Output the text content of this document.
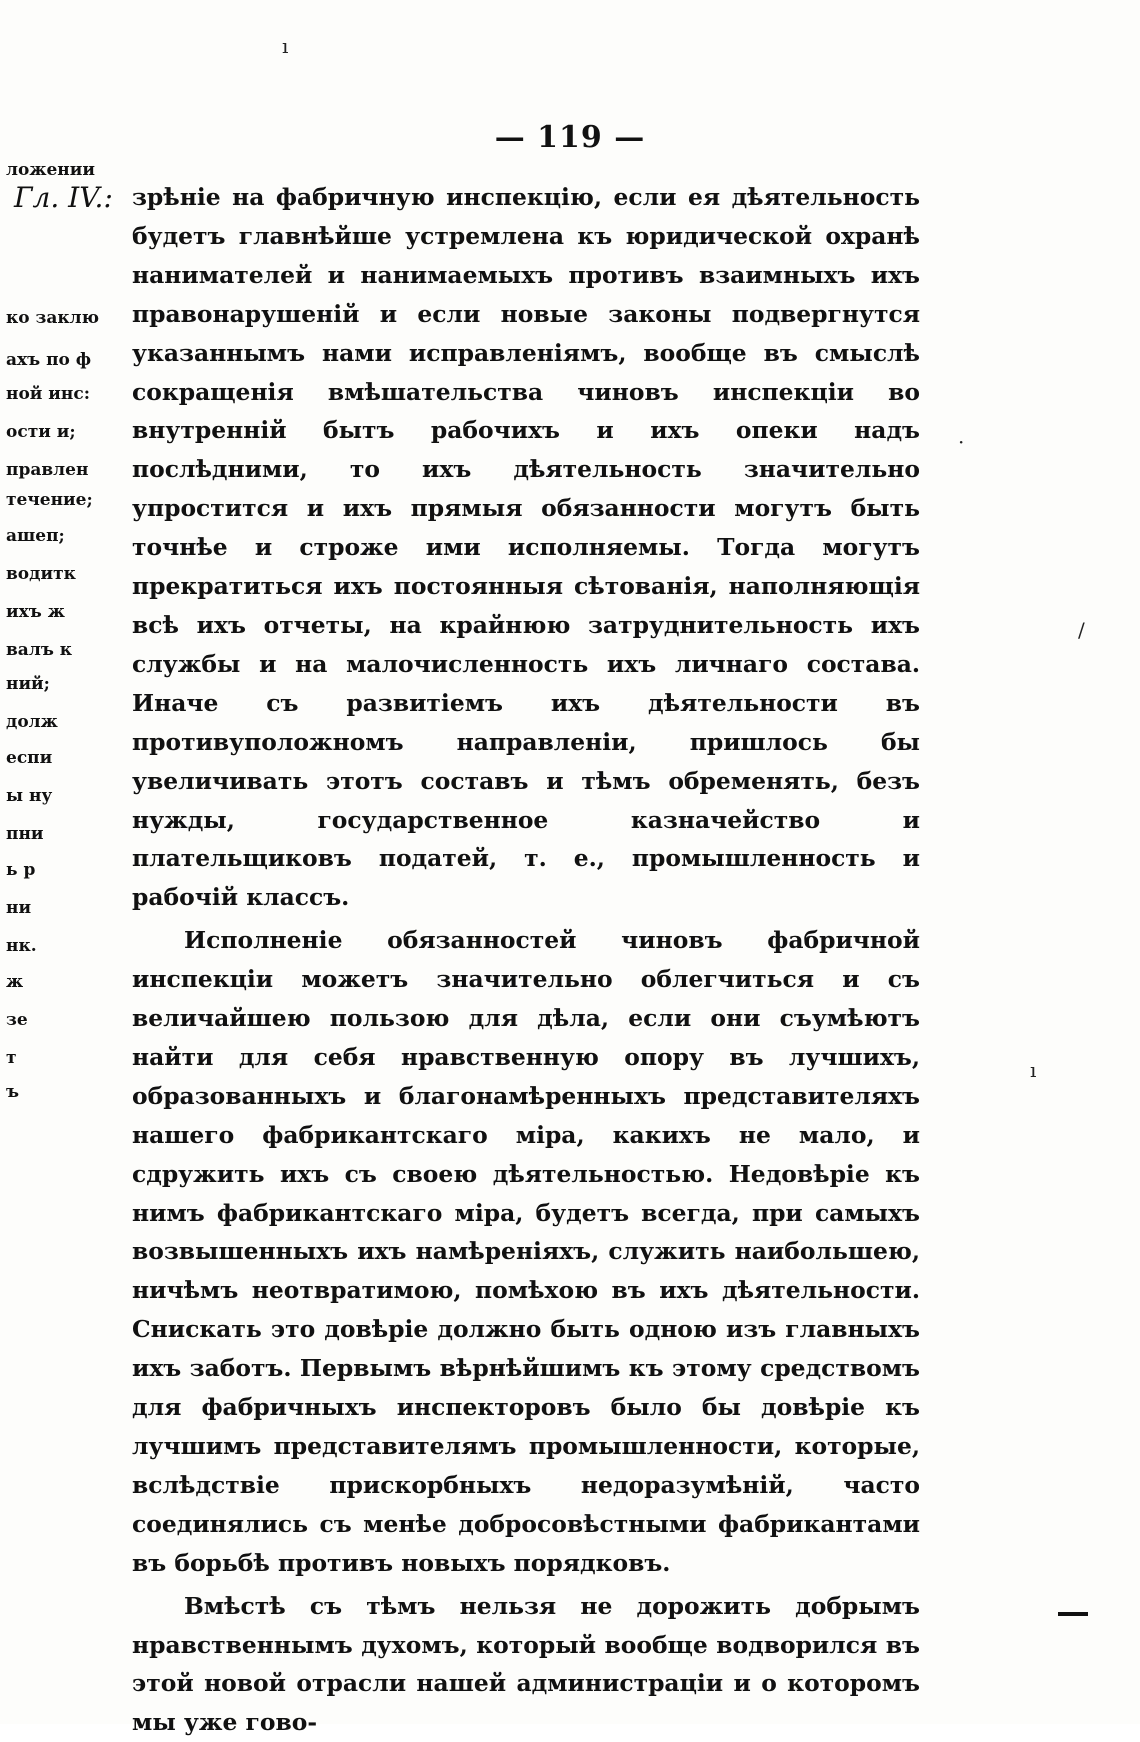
— 119 —
ложении
Гл. IV.:
ко заклю
ахъ по ф
ной инс:
ости и;
правлен
течение;
ашеп;
водитк
ихъ ж
валъ к
ний;
долж
еспи
ы ну
пни
ь р
ни
нк.
ж
зе
т
ъ

зрѣніе на фабричную инспекцію, если ея дѣятельность будетъ главнѣйше устремлена къ юридической охранѣ нанимателей и нанимаемыхъ противъ взаимныхъ ихъ правонарушеній и если новые законы подвергнутся указаннымъ нами исправленіямъ, вообще въ смыслѣ сокращенія вмѣшательства чиновъ инспекціи во внутренній бытъ рабочихъ и ихъ опеки надъ послѣдними, то ихъ дѣятельность значительно упростится и ихъ прямыя обязанности могутъ быть точнѣе и строже ими исполняемы. Тогда могутъ прекратиться ихъ постоянныя сѣтованія, наполняющія всѣ ихъ отчеты, на крайнюю затруднительность ихъ службы и на малочисленность ихъ личнаго состава. Иначе съ развитіемъ ихъ дѣятельности въ противуположномъ направленіи, пришлось бы увеличивать этотъ составъ и тѣмъ обременять, безъ нужды, государственное казначейство и плательщиковъ податей, т. е., промышленность и рабочій классъ.

Исполненіе обязанностей чиновъ фабричной инспекціи можетъ значительно облегчиться и съ величайшею пользою для дѣла, если они съумѣютъ найти для себя нравственную опору въ лучшихъ, образованныхъ и благонамѣренныхъ представителяхъ нашего фабрикантскаго міра, какихъ не мало, и сдружить ихъ съ своею дѣятельностью. Недовѣріе къ нимъ фабрикантскаго міра, будетъ всегда, при самыхъ возвышенныхъ ихъ намѣреніяхъ, служить наибольшею, ничѣмъ неотвратимою, помѣхою въ ихъ дѣятельности. Снискать это довѣріе должно быть одною изъ главныхъ ихъ заботъ. Первымъ вѣрнѣйшимъ къ этому средствомъ для фабричныхъ инспекторовъ было бы довѣріе къ лучшимъ представителямъ промышленности, которые, вслѣдствіе прискорбныхъ недоразумѣній, часто соединялись съ менѣе добросовѣстными фабрикантами въ борьбѣ противъ новыхъ порядковъ.

Вмѣстѣ съ тѣмъ нельзя не дорожить добрымъ нравственнымъ духомъ, который вообще водворился въ этой новой отрасли нашей администраціи и о которомъ мы уже гово-

ı
·
/
ı
